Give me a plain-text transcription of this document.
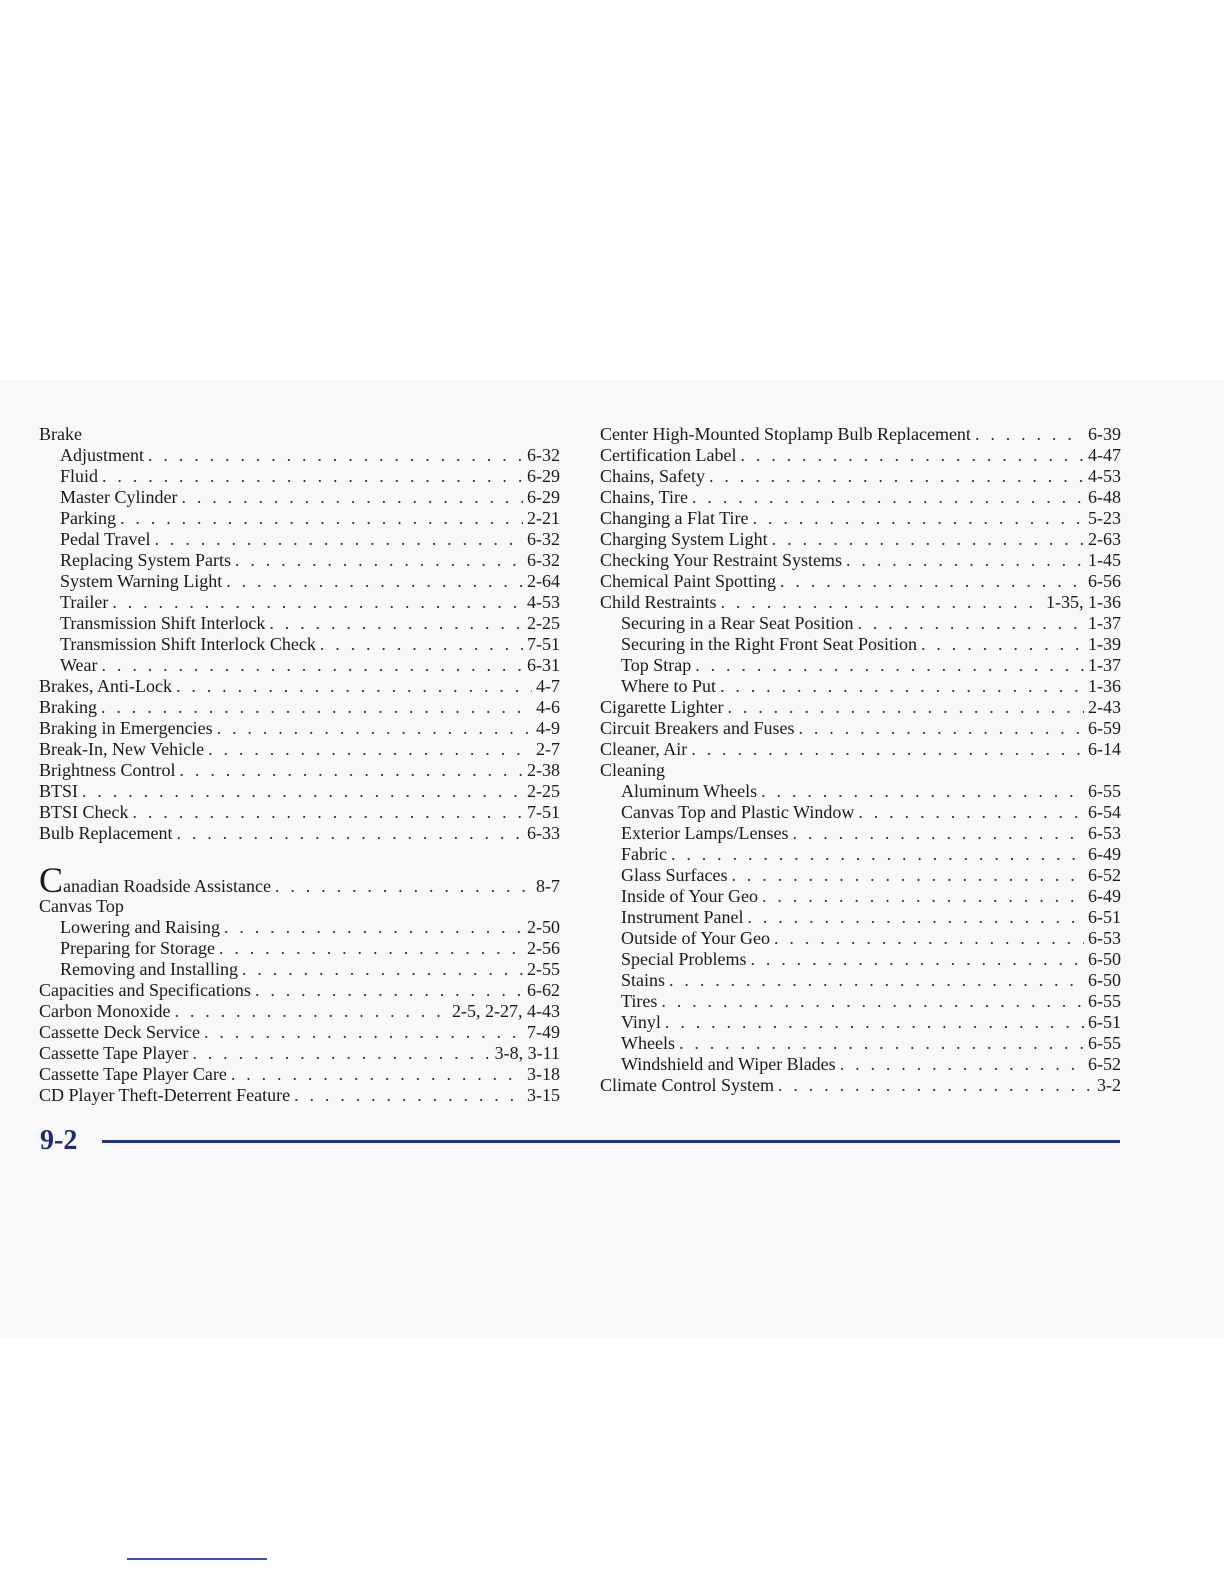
Brake
Adjustment . . .	6-32
Fluid . . .	6-29
Master Cylinder . . .	6-29
Parking . . .	2-21
Pedal Travel . . .	6-32
Replacing System Parts . . .	6-32
System Warning Light . . .	2-64
Trailer . . .	4-53
Transmission Shift Interlock . . .	2-25
Transmission Shift Interlock Check . . .	7-51
Wear . . .	6-31
Brakes, Anti-Lock . . .	4-7
Braking . . .	4-6
Braking in Emergencies . . .	4-9
Break-In, New Vehicle . . .	2-7
Brightness Control . . .	2-38
BTSI . . .	2-25
BTSI Check . . .	7-51
Bulb Replacement . . .	6-33
Canadian Roadside Assistance . . .	8-7
Canvas Top
Lowering and Raising . . .	2-50
Preparing for Storage . . .	2-56
Removing and Installing . . .	2-55
Capacities and Specifications . . .	6-62
Carbon Monoxide . . .	2-5, 2-27, 4-43
Cassette Deck Service . . .	7-49
Cassette Tape Player . . .	3-8, 3-11
Cassette Tape Player Care . . .	3-18
CD Player Theft-Deterrent Feature . . .	3-15
Center High-Mounted Stoplamp Bulb Replacement . . .	6-39
Certification Label . . .	4-47
Chains, Safety . . .	4-53
Chains, Tire . . .	6-48
Changing a Flat Tire . . .	5-23
Charging System Light . . .	2-63
Checking Your Restraint Systems . . .	1-45
Chemical Paint Spotting . . .	6-56
Child Restraints . . .	1-35, 1-36
Securing in a Rear Seat Position . . .	1-37
Securing in the Right Front Seat Position . . .	1-39
Top Strap . . .	1-37
Where to Put . . .	1-36
Cigarette Lighter . . .	2-43
Circuit Breakers and Fuses . . .	6-59
Cleaner, Air . . .	6-14
Cleaning
Aluminum Wheels . . .	6-55
Canvas Top and Plastic Window . . .	6-54
Exterior Lamps/Lenses . . .	6-53
Fabric . . .	6-49
Glass Surfaces . . .	6-52
Inside of Your Geo . . .	6-49
Instrument Panel . . .	6-51
Outside of Your Geo . . .	6-53
Special Problems . . .	6-50
Stains . . .	6-50
Tires . . .	6-55
Vinyl . . .	6-51
Wheels . . .	6-55
Windshield and Wiper Blades . . .	6-52
Climate Control System . . .	3-2
9-2
